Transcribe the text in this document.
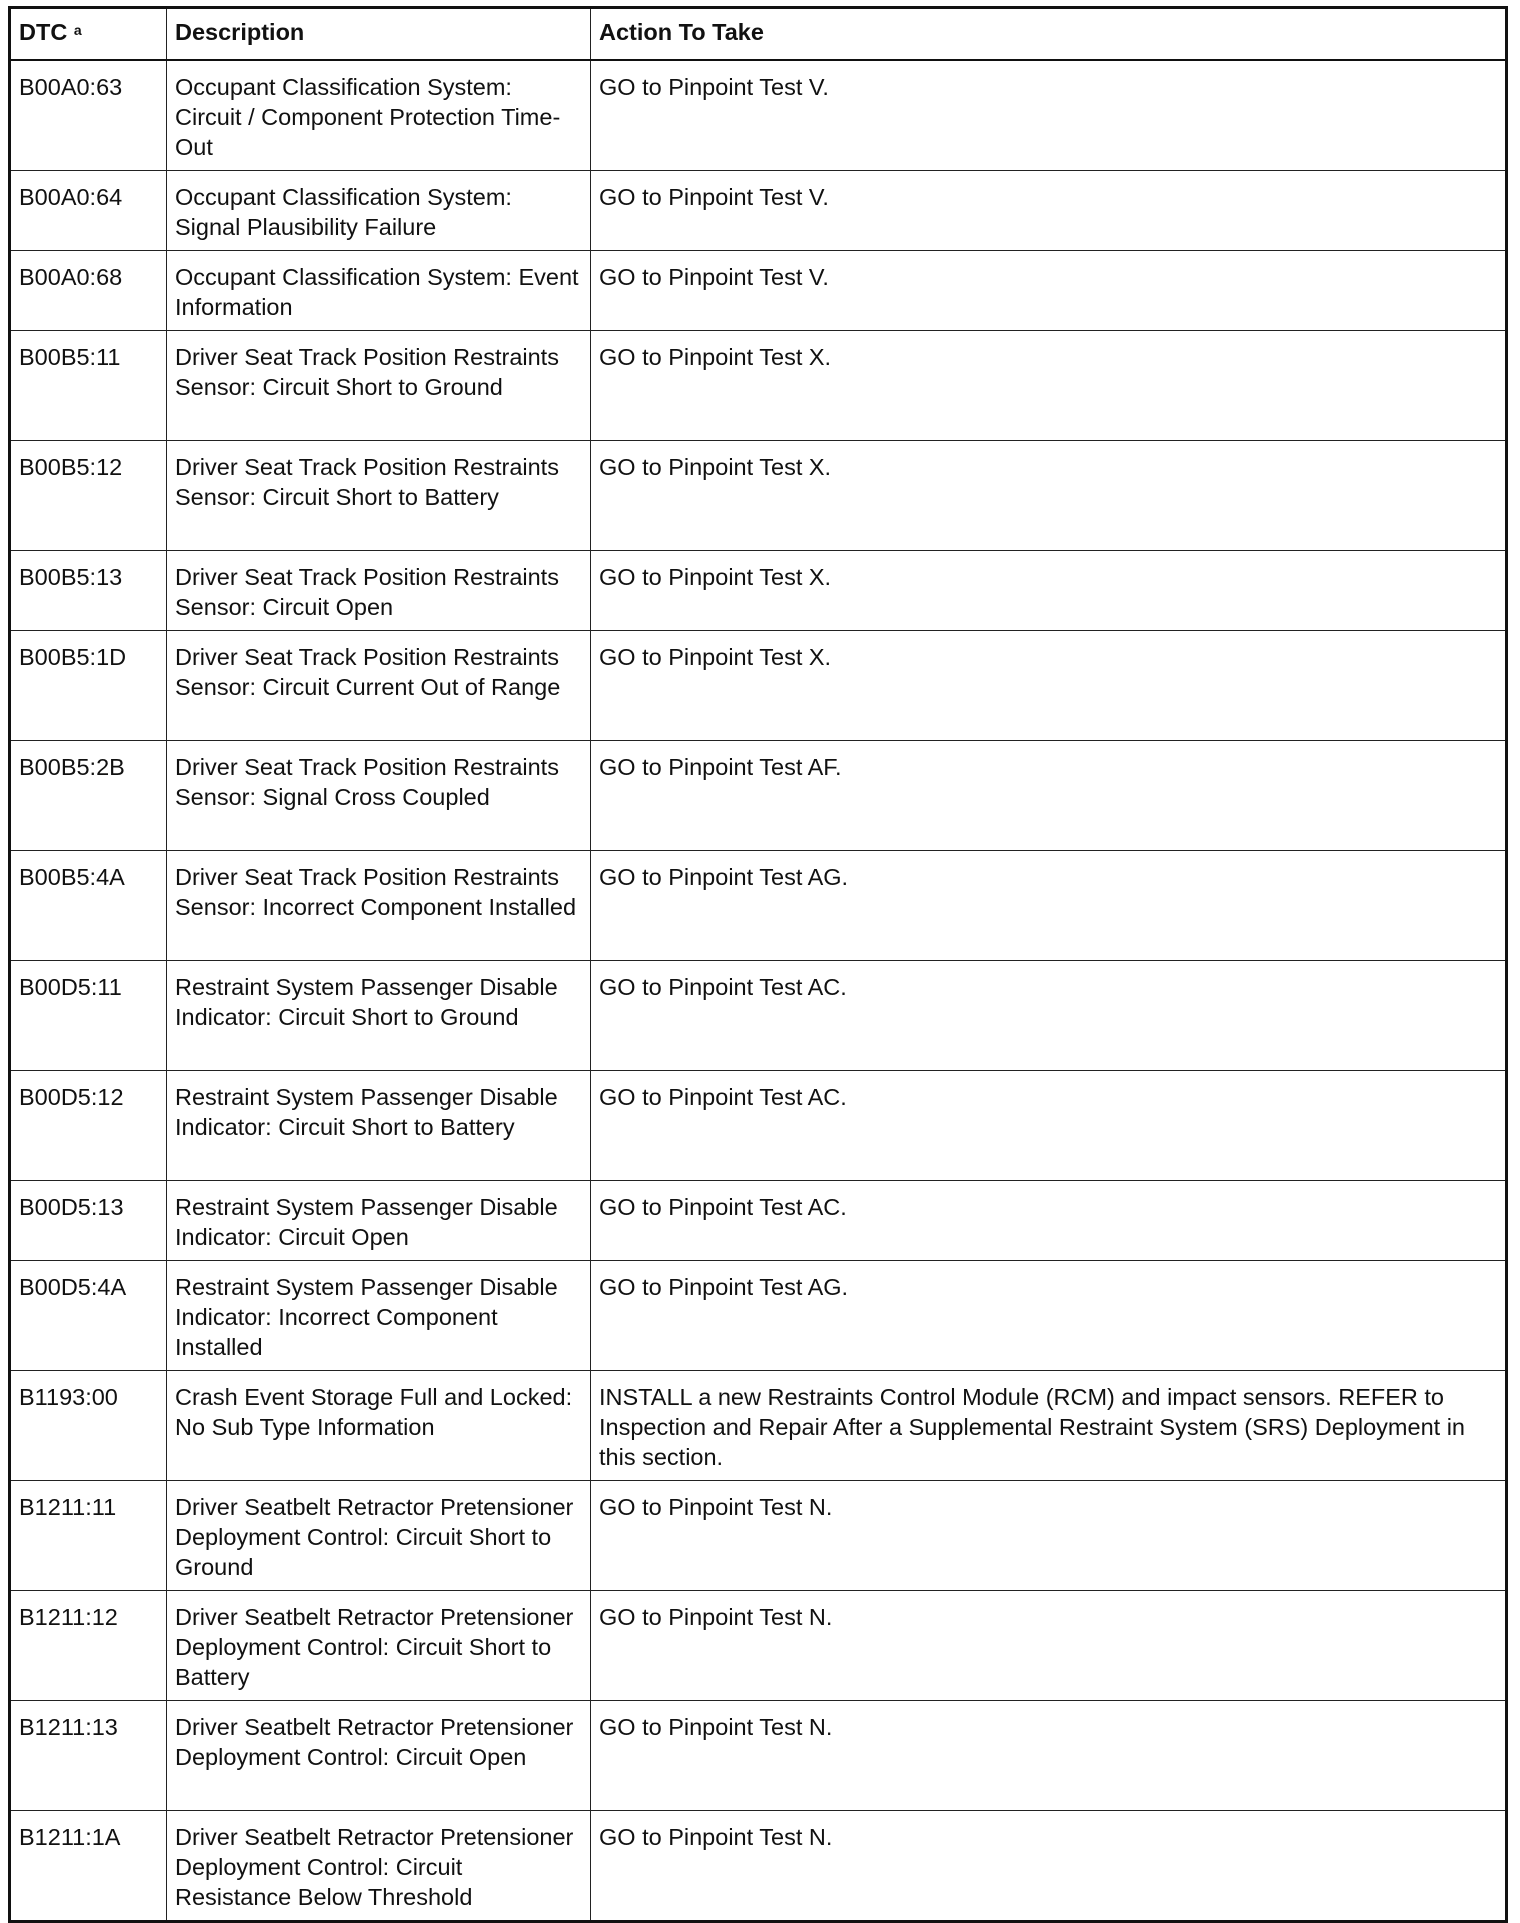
DTC $^a$	Description	Action To Take
B00A0:63	Occupant Classification System: Circuit / Component Protection Time-Out	GO to Pinpoint Test V.
B00A0:64	Occupant Classification System: Signal Plausibility Failure	GO to Pinpoint Test V.
B00A0:68	Occupant Classification System: Event Information	GO to Pinpoint Test V.
B00B5:11	Driver Seat Track Position Restraints Sensor: Circuit Short to Ground	GO to Pinpoint Test X.
B00B5:12	Driver Seat Track Position Restraints Sensor: Circuit Short to Battery	GO to Pinpoint Test X.
B00B5:13	Driver Seat Track Position Restraints Sensor: Circuit Open	GO to Pinpoint Test X.
B00B5:1D	Driver Seat Track Position Restraints Sensor: Circuit Current Out of Range	GO to Pinpoint Test X.
B00B5:2B	Driver Seat Track Position Restraints Sensor: Signal Cross Coupled	GO to Pinpoint Test AF.
B00B5:4A	Driver Seat Track Position Restraints Sensor: Incorrect Component Installed	GO to Pinpoint Test AG.
B00D5:11	Restraint System Passenger Disable Indicator: Circuit Short to Ground	GO to Pinpoint Test AC.
B00D5:12	Restraint System Passenger Disable Indicator: Circuit Short to Battery	GO to Pinpoint Test AC.
B00D5:13	Restraint System Passenger Disable Indicator: Circuit Open	GO to Pinpoint Test AC.
B00D5:4A	Restraint System Passenger Disable Indicator: Incorrect Component Installed	GO to Pinpoint Test AG.
B1193:00	Crash Event Storage Full and Locked: No Sub Type Information	INSTALL a new Restraints Control Module (RCM) and impact sensors. REFER to Inspection and Repair After a Supplemental Restraint System (SRS) Deployment in this section.
B1211:11	Driver Seatbelt Retractor Pretensioner Deployment Control: Circuit Short to Ground	GO to Pinpoint Test N.
B1211:12	Driver Seatbelt Retractor Pretensioner Deployment Control: Circuit Short to Battery	GO to Pinpoint Test N.
B1211:13	Driver Seatbelt Retractor Pretensioner Deployment Control: Circuit Open	GO to Pinpoint Test N.
B1211:1A	Driver Seatbelt Retractor Pretensioner Deployment Control: Circuit Resistance Below Threshold	GO to Pinpoint Test N.
